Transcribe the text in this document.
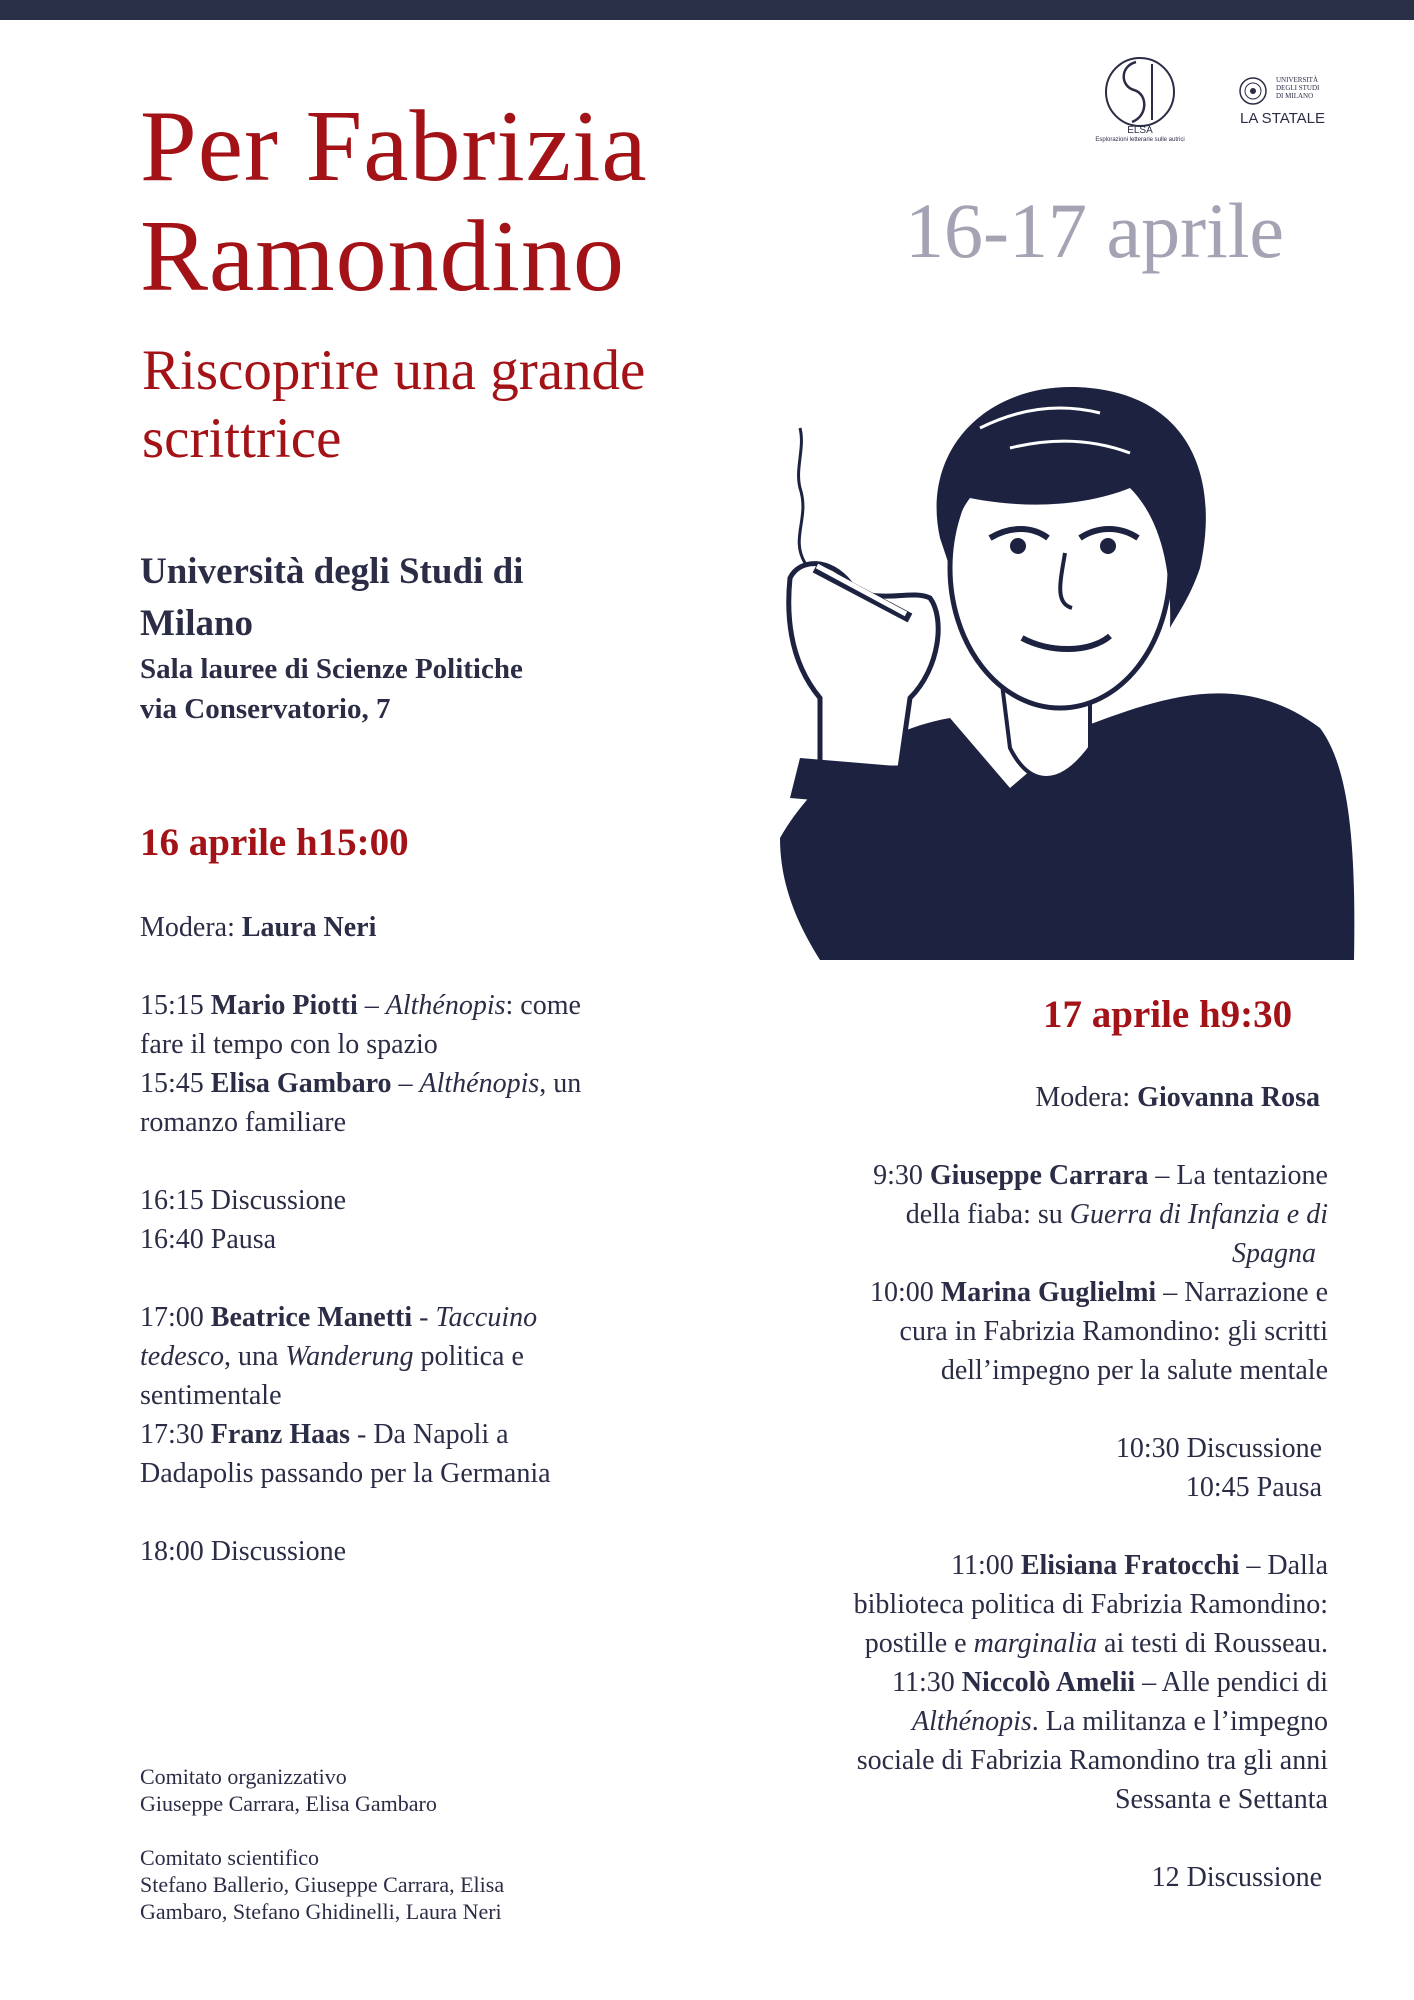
ELSA
Esplorazioni letterarie sulle autrici
UNIVERSITÀ
DEGLI STUDI
DI MILANO
LA STATALE
Per Fabrizia
Ramondino
Riscoprire una grande
scrittrice
16-17 aprile
Università degli Studi di
Milano
Sala lauree di Scienze Politiche
via Conservatorio, 7
16 aprile h15:00
Modera: Laura Neri
15:15 Mario Piotti – Althénopis: come
fare il tempo con lo spazio
15:45 Elisa Gambaro – Althénopis, un
romanzo familiare
16:15 Discussione
16:40 Pausa
17:00 Beatrice Manetti - Taccuino
tedesco, una Wanderung politica e
sentimentale
17:30 Franz Haas - Da Napoli a
Dadapolis passando per la Germania
18:00 Discussione
17 aprile h9:30
Modera: Giovanna Rosa
9:30 Giuseppe Carrara – La tentazione
della fiaba: su Guerra di Infanzia e di
Spagna
10:00 Marina Guglielmi – Narrazione e
cura in Fabrizia Ramondino: gli scritti
dell’impegno per la salute mentale
10:30 Discussione
10:45 Pausa
11:00 Elisiana Fratocchi – Dalla
biblioteca politica di Fabrizia Ramondino:
postille e marginalia ai testi di Rousseau.
11:30 Niccolò Amelii – Alle pendici di
Althénopis. La militanza e l’impegno
sociale di Fabrizia Ramondino tra gli anni
Sessanta e Settanta
12 Discussione
Comitato organizzativo
Giuseppe Carrara, Elisa Gambaro
Comitato scientifico
Stefano Ballerio, Giuseppe Carrara, Elisa
Gambaro, Stefano Ghidinelli, Laura Neri
